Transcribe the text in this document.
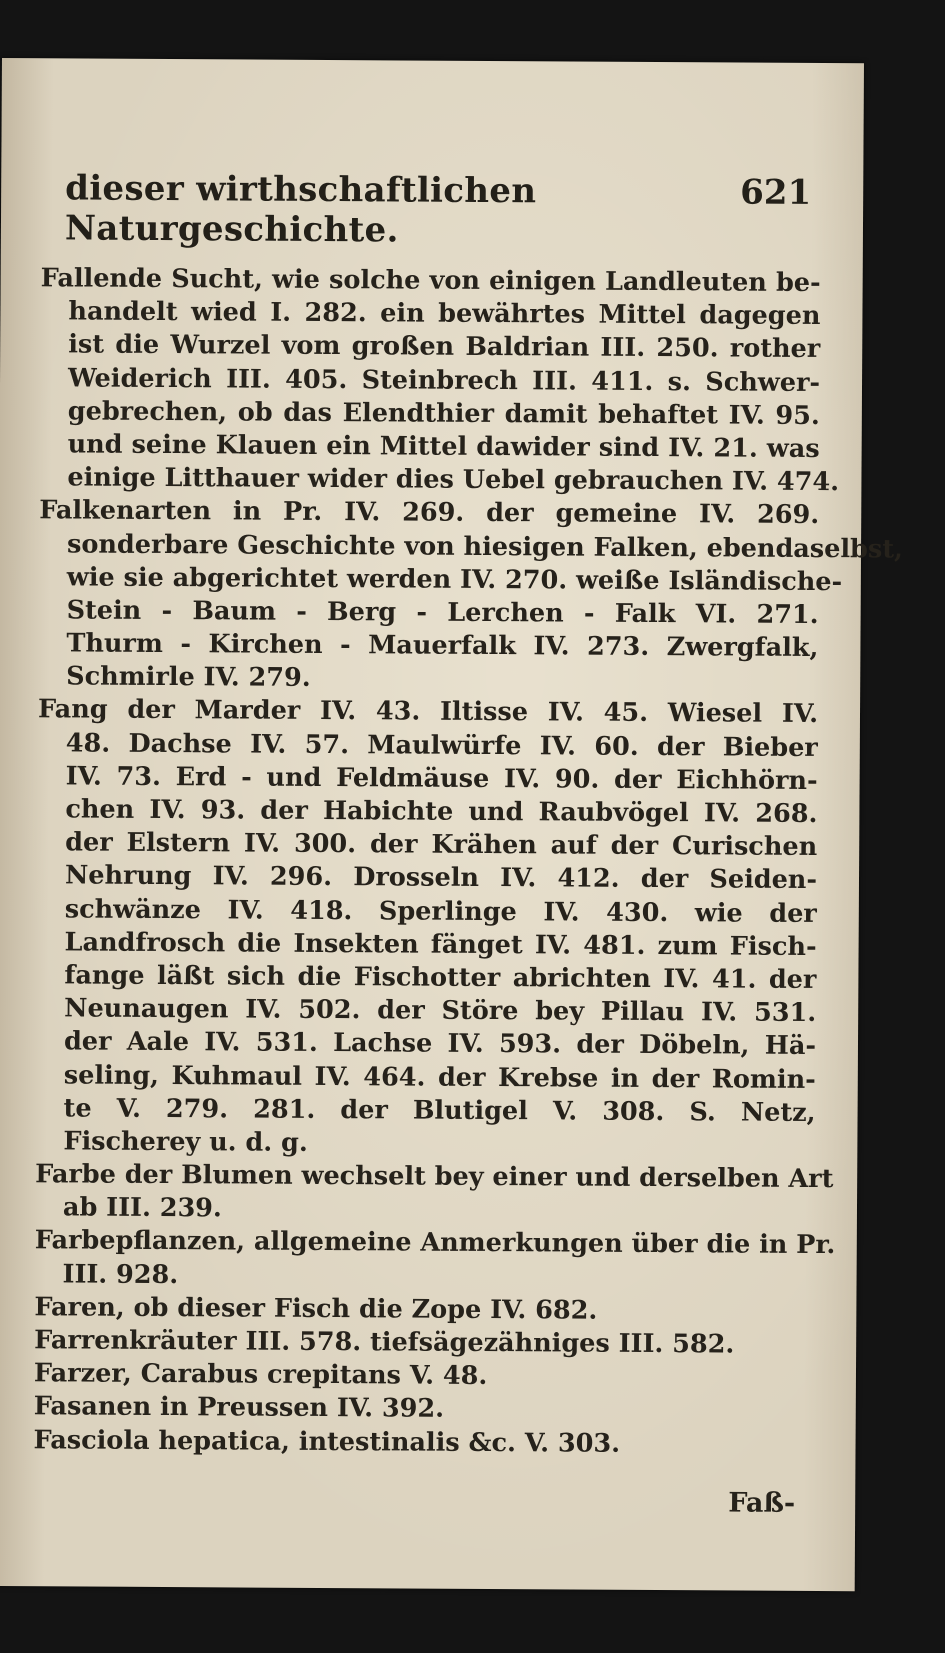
dieser wirthschaftlichen Naturgeschichte.
621
Fallende Sucht, wie solche von einigen Landleuten be-
handelt wied I. 282. ein bewährtes Mittel dagegen
ist die Wurzel vom großen Baldrian III. 250. rother
Weiderich III. 405. Steinbrech III. 411. s. Schwer-
gebrechen, ob das Elendthier damit behaftet IV. 95.
und seine Klauen ein Mittel dawider sind IV. 21. was
einige Litthauer wider dies Uebel gebrauchen IV. 474.
Falkenarten in Pr. IV. 269. der gemeine IV. 269.
sonderbare Geschichte von hiesigen Falken, ebendaselbst,
wie sie abgerichtet werden IV. 270. weiße Isländische-
Stein - Baum - Berg - Lerchen - Falk VI. 271.
Thurm - Kirchen - Mauerfalk IV. 273. Zwergfalk,
Schmirle IV. 279.
Fang der Marder IV. 43. Iltisse IV. 45. Wiesel IV.
48. Dachse IV. 57. Maulwürfe IV. 60. der Bieber
IV. 73. Erd - und Feldmäuse IV. 90. der Eichhörn-
chen IV. 93. der Habichte und Raubvögel IV. 268.
der Elstern IV. 300. der Krähen auf der Curischen
Nehrung IV. 296. Drosseln IV. 412. der Seiden-
schwänze IV. 418. Sperlinge IV. 430. wie der
Landfrosch die Insekten fänget IV. 481. zum Fisch-
fange läßt sich die Fischotter abrichten IV. 41. der
Neunaugen IV. 502. der Störe bey Pillau IV. 531.
der Aale IV. 531. Lachse IV. 593. der Döbeln, Hä-
seling, Kuhmaul IV. 464. der Krebse in der Romin-
te V. 279. 281. der Blutigel V. 308. S. Netz,
Fischerey u. d. g.
Farbe der Blumen wechselt bey einer und derselben Art
ab III. 239.
Farbepflanzen, allgemeine Anmerkungen über die in Pr.
III. 928.
Faren, ob dieser Fisch die Zope IV. 682.
Farrenkräuter III. 578. tiefsägezähniges III. 582.
Farzer, Carabus crepitans V. 48.
Fasanen in Preussen IV. 392.
Fasciola hepatica, intestinalis &c. V. 303.
Faß-
